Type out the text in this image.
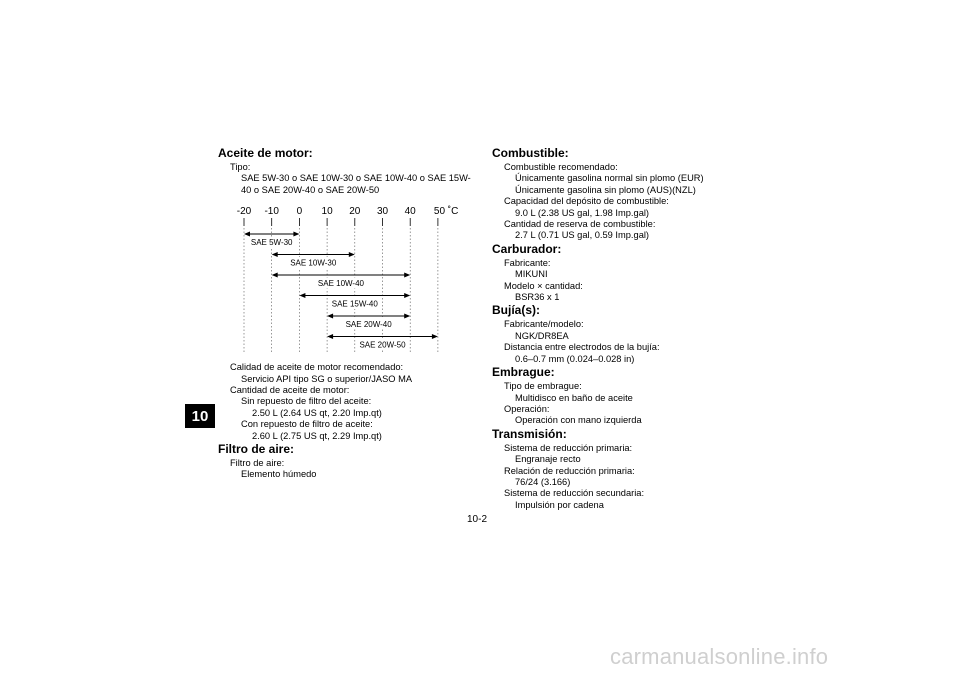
10
Aceite de motor:
Tipo:
SAE 5W-30 o SAE 10W-30 o SAE 10W-40 o SAE 15W-
40 o SAE 20W-40 o SAE 20W-50
-20 -10 0 10 20 30 40 50 ˚C
SAE 5W-30
SAE 10W-30
SAE 10W-40
SAE 15W-40
SAE 20W-40
SAE 20W-50
Calidad de aceite de motor recomendado:
Servicio API tipo SG o superior/JASO MA
Cantidad de aceite de motor:
Sin repuesto de filtro del aceite:
2.50 L (2.64 US qt, 2.20 Imp.qt)
Con repuesto de filtro de aceite:
2.60 L (2.75 US qt, 2.29 Imp.qt)
Filtro de aire:
Filtro de aire:
Elemento húmedo
Combustible:
Combustible recomendado:
Únicamente gasolina normal sin plomo (EUR)
Únicamente gasolina sin plomo (AUS)(NZL)
Capacidad del depósito de combustible:
9.0 L (2.38 US gal, 1.98 Imp.gal)
Cantidad de reserva de combustible:
2.7 L (0.71 US gal, 0.59 Imp.gal)
Carburador:
Fabricante:
MIKUNI
Modelo × cantidad:
BSR36 x 1
Bujía(s):
Fabricante/modelo:
NGK/DR8EA
Distancia entre electrodos de la bujía:
0.6–0.7 mm (0.024–0.028 in)
Embrague:
Tipo de embrague:
Multidisco en baño de aceite
Operación:
Operación con mano izquierda
Transmisión:
Sistema de reducción primaria:
Engranaje recto
Relación de reducción primaria:
76/24 (3.166)
Sistema de reducción secundaria:
Impulsión por cadena
10-2
carmanualsonline.info
